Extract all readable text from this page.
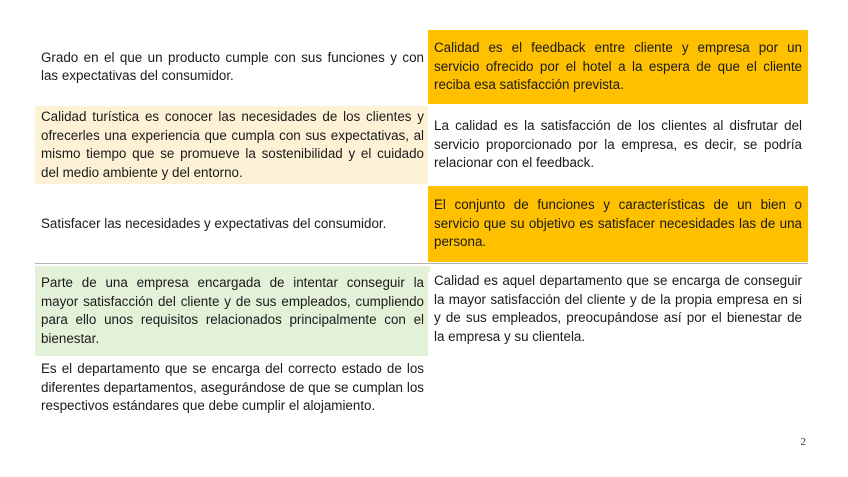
Grado en el que un producto cumple con sus funciones y con las expectativas del consumidor.

Calidad turística es conocer las necesidades de los clientes y ofrecerles una experiencia que cumpla con sus expectativas, al mismo tiempo que se promueve la sostenibilidad y el cuidado del medio ambiente y del entorno.

Satisfacer las necesidades y expectativas del consumidor.

Parte de una empresa encargada de intentar conseguir la mayor satisfacción del cliente y de sus empleados, cumpliendo para ello unos requisitos relacionados principalmente con el bienestar.

Es el departamento que se encarga del correcto estado de los diferentes departamentos, asegurándose de que se cumplan los respectivos estándares que debe cumplir el alojamiento.

Calidad es el feedback entre cliente y empresa por un servicio ofrecido por el hotel a la espera de que el cliente reciba esa satisfacción prevista.

La calidad es la satisfacción de los clientes al disfrutar del servicio proporcionado por la empresa, es decir, se podría relacionar con el feedback.

El conjunto de funciones y características de un bien o servicio que su objetivo es satisfacer necesidades las de una persona.

Calidad es aquel departamento que se encarga de conseguir la mayor satisfacción del cliente y de la propia empresa en si y de sus empleados, preocupándose así por el bienestar de la empresa y su clientela.

2
